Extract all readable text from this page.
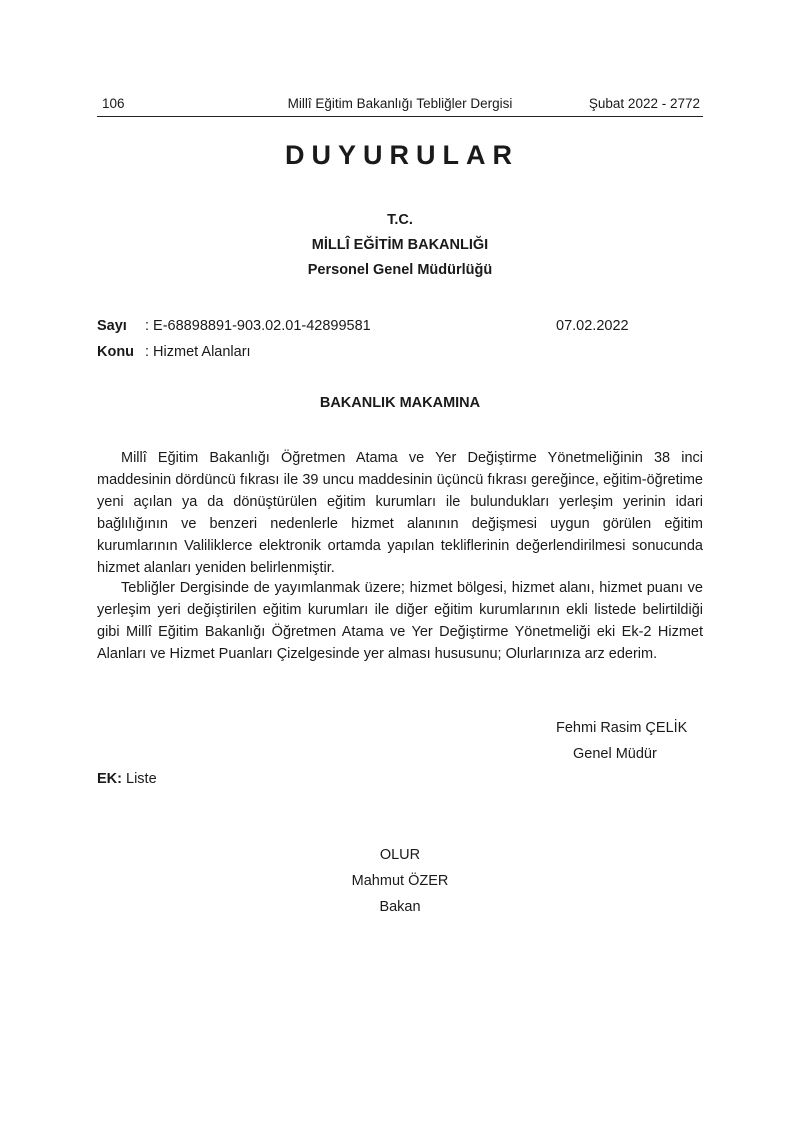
106	Millî Eğitim Bakanlığı Tebliğler Dergisi	Şubat 2022 - 2772
DUYURULAR
T.C.
MİLLÎ EĞİTİM BAKANLIĞI
Personel Genel Müdürlüğü
Sayı : E-68898891-903.02.01-42899581	07.02.2022
Konu : Hizmet Alanları
BAKANLIK MAKAMINA

Millî Eğitim Bakanlığı Öğretmen Atama ve Yer Değiştirme Yönetmeliğinin 38 inci maddesinin dördüncü fıkrası ile 39 uncu maddesinin üçüncü fıkrası gereğince, eğitim-öğretime yeni açılan ya da dönüştürülen eğitim kurumları ile bulundukları yerleşim yerinin idari bağlılığının ve benzeri nedenlerle hizmet alanının değişmesi uygun görülen eğitim kurumlarının Valiliklerce elektronik ortamda yapılan tekliflerinin değerlendirilmesi sonucunda hizmet alanları yeniden belirlenmiştir.

Tebliğler Dergisinde de yayımlanmak üzere; hizmet bölgesi, hizmet alanı, hizmet puanı ve yerleşim yeri değiştirilen eğitim kurumları ile diğer eğitim kurumlarının ekli listede belirtildiği gibi Millî Eğitim Bakanlığı Öğretmen Atama ve Yer Değiştirme Yönetmeliği eki Ek-2 Hizmet Alanları ve Hizmet Puanları Çizelgesinde yer alması hususunu; Olurlarınıza arz ederim.

Fehmi Rasim ÇELİK
Genel Müdür
EK: Liste
OLUR
Mahmut ÖZER
Bakan
